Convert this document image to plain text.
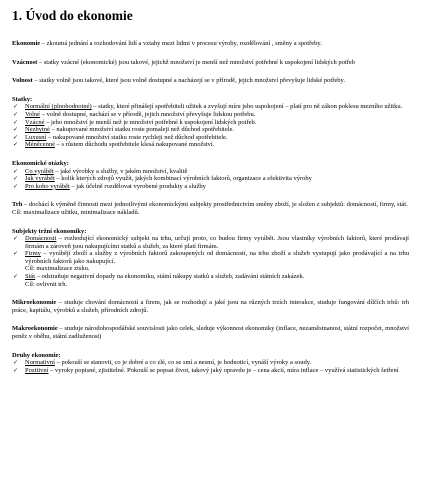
1. Úvod do ekonomie

Ekonomie – zkoumá jednání a rozhodování lidí a vztahy mezi lidmi v procesu výroby, rozdělování , směny a spotřeby.

Vzácnost – statky vzácné (ekonomické) jsou takové, jejichž množství je menší než množství potřebné k uspokojení lidských potřeb

Volnost – statky volně jsou takové, které jsou volně dostupné a nacházejí se v přírodě, jejich množství převyšuje lidské potřeby.

Statky:

✓ Normální (plnohodnotné) – statky, které přinášejí spotřebiteli užitek a zvyšují míru jeho uspokojení – platí pro ně zákon poklesu mezního užitku.
✓ Volné – volně dostupné, nachází se v přírodě, jejich množství převyšuje lidskou potřebu.
✓ Vzácné – jeho množství je menší než je množství potřebné k uspokojení lidských potřeb.
✓ Nezbytné – nakupované množství statku roste pomaleji než důchod spotřebitele.
✓ Luxusní – nakupované množství statku roste rychleji než důchod spotřebitele.
✓ Méněcenné – s růstem důchodu spotřebitele klesá nakupované množství.

Ekonomické otázky:

✓ Co vyrábět – jaké výrobky a služby, v jakém množství, kvalitě
✓ Jak vyrábět – kolik kterých zdrojů využít, jakých kombinací výrobních faktorů, organizace a efektivita výroby
✓ Pro koho vyrábět – jak účelně rozdělovat vyrobené produkty a služby

Trh – dochází k výměně činnosti mezi jednotlivými ekonomickými subjekty prostřednictvím směny zboží, je složen z subjektů: domácností, firmy, stát.

Cíl: maximalizace užitku, minimalizace nákladů.

Subjekty tržní ekonomiky:

✓ Domácnosti – rozhodující ekonomický subjekt na trhu, určují proto, co budou firmy vyrábět. Jsou vlastníky výrobních faktorů, které prodávají firmám a zároveň jsou nakupujícími statků a služeb, za které platí firmám.
✓ Firmy – vyrábějí zboží a služby z výrobních faktorů zakoupených od domácností, na trhu zboží a služeb vystupují jako prodávající a na trhu výrobních faktorů jako nakupující.
Cíl: maximalizace zisku.
✓ Stát – odstraňuje negativní dopady na ekonomiku, státní nákupy statků a služeb, zadávání státních zakázek.
Cíl: ovlivnit trh.

Mikroekonomie – studuje chování domácností a firem, jak se rozhodují a jaké jsou na různých trzích interakce, studuje fungování dílčích trhů: trh práce, kapitálu, výrobků a služeb, přírodních zdrojů.

Makroekonomie – studuje národohospodářské souvislosti jako celek, sleduje výkonnost ekonomiky (inflace, nezaměstnanost, státní rozpočet, množství peněz v oběhu, státní zadluženost)

Druhy ekonomie:

✓ Normativní – pokouší se stanovit, co je dobré a co zlé, co se smí a nesmí, je hodnoticí, vynáší výroky a soudy.
✓ Pozitivní – vyroky popisné, zjistitelné. Pokouší se popsat život, takový jaký opravdu je – cena akcií, míra inflace – využívá statistických šetření
